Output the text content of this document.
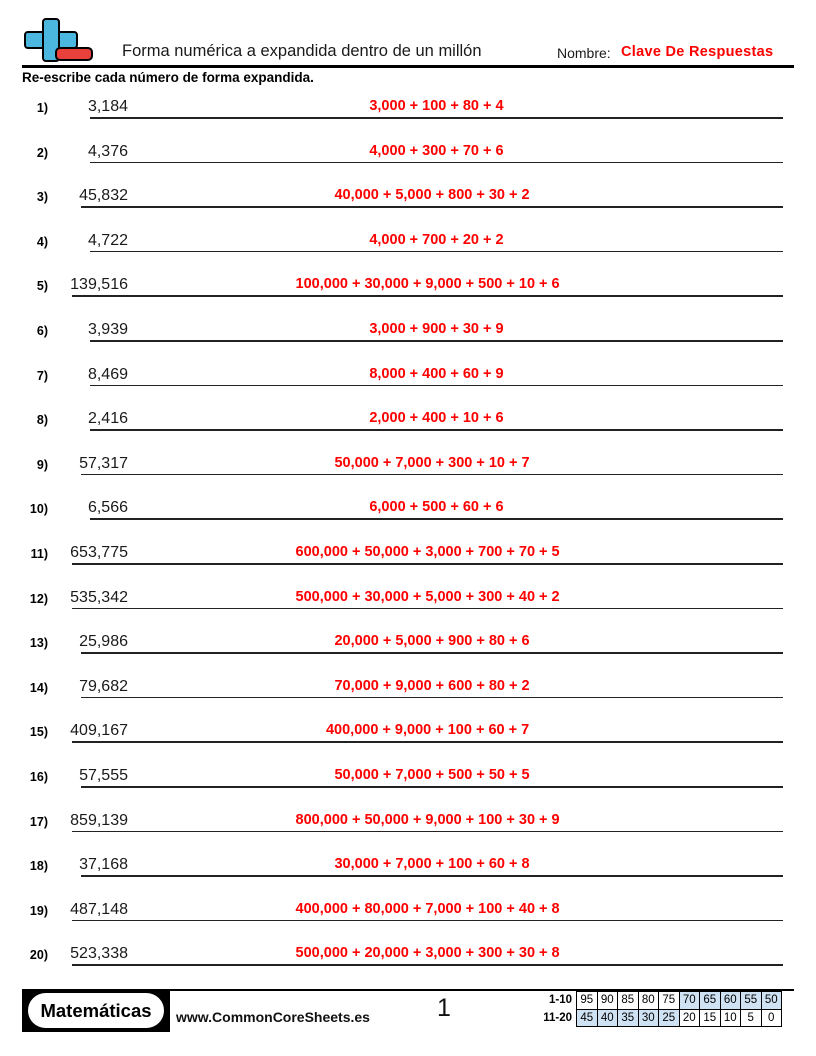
Forma numérica a expandida dentro de un millón	Nombre: Clave De Respuestas
Re-escribe cada número de forma expandida.
1) 3,184	3,000 + 100 + 80 + 4
2) 4,376	4,000 + 300 + 70 + 6
3) 45,832	40,000 + 5,000 + 800 + 30 + 2
4) 4,722	4,000 + 700 + 20 + 2
5) 139,516	100,000 + 30,000 + 9,000 + 500 + 10 + 6
6) 3,939	3,000 + 900 + 30 + 9
7) 8,469	8,000 + 400 + 60 + 9
8) 2,416	2,000 + 400 + 10 + 6
9) 57,317	50,000 + 7,000 + 300 + 10 + 7
10) 6,566	6,000 + 500 + 60 + 6
11) 653,775	600,000 + 50,000 + 3,000 + 700 + 70 + 5
12) 535,342	500,000 + 30,000 + 5,000 + 300 + 40 + 2
13) 25,986	20,000 + 5,000 + 900 + 80 + 6
14) 79,682	70,000 + 9,000 + 600 + 80 + 2
15) 409,167	400,000 + 9,000 + 100 + 60 + 7
16) 57,555	50,000 + 7,000 + 500 + 50 + 5
17) 859,139	800,000 + 50,000 + 9,000 + 100 + 30 + 9
18) 37,168	30,000 + 7,000 + 100 + 60 + 8
19) 487,148	400,000 + 80,000 + 7,000 + 100 + 40 + 8
20) 523,338	500,000 + 20,000 + 3,000 + 300 + 30 + 8
Matemáticas www.CommonCoreSheets.es	1	1-10 95 90 85 80 75 70 65 60 55 50
11-20 45 40 35 30 25 20 15 10 5	0
